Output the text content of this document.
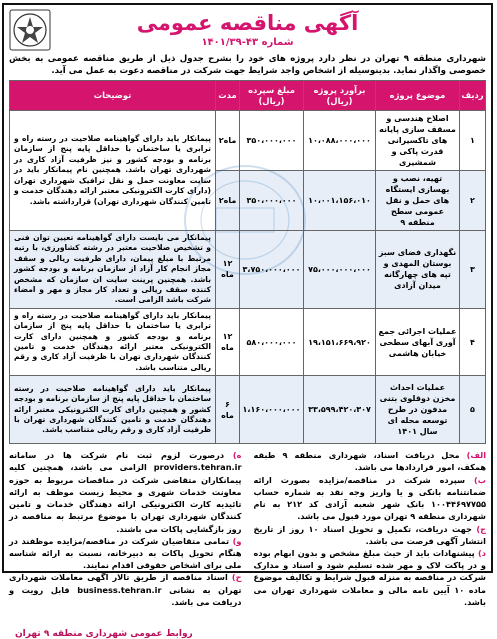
آگهی مناقصه عمومی
شماره ۴۳-۱۴۰۱/۳۹
شهرداری منطقه ۹ تهران در نظر دارد پروژه های خود را بشرح جدول ذیل از طریق مناقصه عمومی به بخش خصوصی واگذار نماید. بدینوسیله از اشخاص واجد شرایط جهت شرکت در مناقصه دعوت به عمل می آید.
ردیف	موضوع پروژه	برآورد پروژه (ریال)	مبلغ سپرده (ریال)	مدت	توضیحات
۱	اصلاح هندسی و مسقف سازی پایانه های تاکسیرانی قدرت پاکی و شمشیری	۱۰،۰۸۸،۰۰۰،۰۰۰	۳۵۰،۰۰۰،۰۰۰	۲ماه	پیمانکار باید دارای گواهینامه صلاحیت در رسته راه و ترابری یا ساختمان با حداقل پایه پنج از سازمان برنامه و بودجه کشور و نیز ظرفیت آزاد کاری در شهرداری تهران باشد. همچنین نام پیمانکار باید در سایت معاونت حمل و نقل ترافیک شهرداری تهران (دارای کارت الکترونیکی معتبر ارائه دهندگان خدمت و تامین کنندگان شهرداری تهران) قرارداشته باشد.
۲	تهیه، نصب و بهسازی ایستگاه های حمل و نقل عمومی سطح منطقه ۹	۱۰،۰۰۱،۱۵۶،۰۱۰	۳۵۰،۰۰۰،۰۰۰	۲ماه	
۳	نگهداری فضای سبز بوستان المهدی و تپه های چهارگانه میدان آزادی	۷۵،۰۰۰،۰۰۰،۰۰۰	۳،۷۵۰،۰۰۰،۰۰۰	۱۲ ماه	پیمانکار می بایست دارای گواهینامه تعیین توان فنی و تشخیص صلاحیت معتبر در رشته کشاورزی، با رتبه مرتبط با مبلغ پیمان، دارای ظرفیت ریالی و سقف مجاز انجام کار آزاد از سازمان برنامه و بودجه کشور باشد. همچنین پرینت سایت ان سازمان که مشخص کننده سقف ریالی و تعداد کار مجاز و مهر و امضاء شرکت باشد الزامی است.
۴	عملیات اجرائی جمع آوری آبهای سطحی خیابان هاشمی	۱۹،۱۵۱،۶۶۹،۹۲۰	۵۸۰،۰۰۰،۰۰۰	۱۲ ماه	پیمانکار باید دارای گواهینامه صلاحیت در رسته راه و ترابری یا ساختمان با حداقل پایه پنج از سازمان برنامه و بودجه کشور و همچنین دارای کارت الکترونیکی معتبر ارائه دهندگان خدمت و تامین کنندگان شهرداری تهران با ظرفیت آزاد کاری و رقم ریالی متناسب باشد.
۵	عملیات احداث مخزن دوقلوی بتنی مدفون در طرح توسعه محله ای سال ۱۴۰۱	۳۳،۵۹۹،۴۲۰،۳۰۷	۱،۱۶۰،۰۰۰،۰۰۰	۶ ماه	پیمانکار باید دارای گواهینامه صلاحیت در رسته ساختمان با حداقل پایه پنج از سازمان برنامه و بودجه کشور و همچنین دارای کارت الکترونیکی معتبر ارائه دهندگان خدمت و تامین کنندگان شهرداری تهران با ظرفیت آزاد کاری و رقم ریالی متناسب باشد.

الف) محل دریافت اسناد، شهرداری منطقه ۹ طبقه همکف، امور قراردادها می باشد.

ب) سپرده شرکت در مناقصه/مزایده بصورت ارائه ضمانتنامه بانکی و یا واریز وجه نقد به شماره حساب ۱۰۰۴۴۶۹۷۷۵۵ بانک شهر شعبه آزادی کد ۲۱۲ به نام شهرداری منطقه ۹ تهران مورد قبول می باشد.

ج) جهت دریافت، تکمیل و تحویل اسناد ۱۰ روز از تاریخ انتشار آگهی فرصت می باشد.

د) پیشنهادات باید از حیث مبلغ مشخص و بدون ابهام بوده و در پاکت لاک و مهر شده تسلیم شود و اسناد و مدارک شرکت در مناقصه به منزله قبول شرایط و تکالیف موضوع ماده ۱۰ آیین نامه مالی و معاملات شهرداری تهران می باشد.

ه) درصورت لزوم ثبت نام شرکت ها در سامانه providers.tehran.ir الزامی می باشد، همچنین کلیه پیمانکاران متقاضی شرکت در مناقصات مربوط به حوزه معاونت خدمات شهری و محیط زیست موظف به ارائه تائیدیه کارت الکترونیکی ارائه دهندگان خدمات و تامین کنندگان شهرداری تهران با موضوع مرتبط به مناقصه در روز بازگشایی پاکات می باشند.

و) تمامی متقاضیان شرکت در مناقصه/مزایده موظفند در هنگام تحویل پاکات به دبیرخانه، نسبت به ارائه شناسه ملی برای اشخاص حقوقی اقدام نمایند.

ح) اسناد مناقصه از طریق تالار آگهی معاملات شهرداری تهران به نشانی business.tehran.ir قابل رویت و دریافت می باشد.

روابط عمومی شهرداری منطقه ۹ تهران
